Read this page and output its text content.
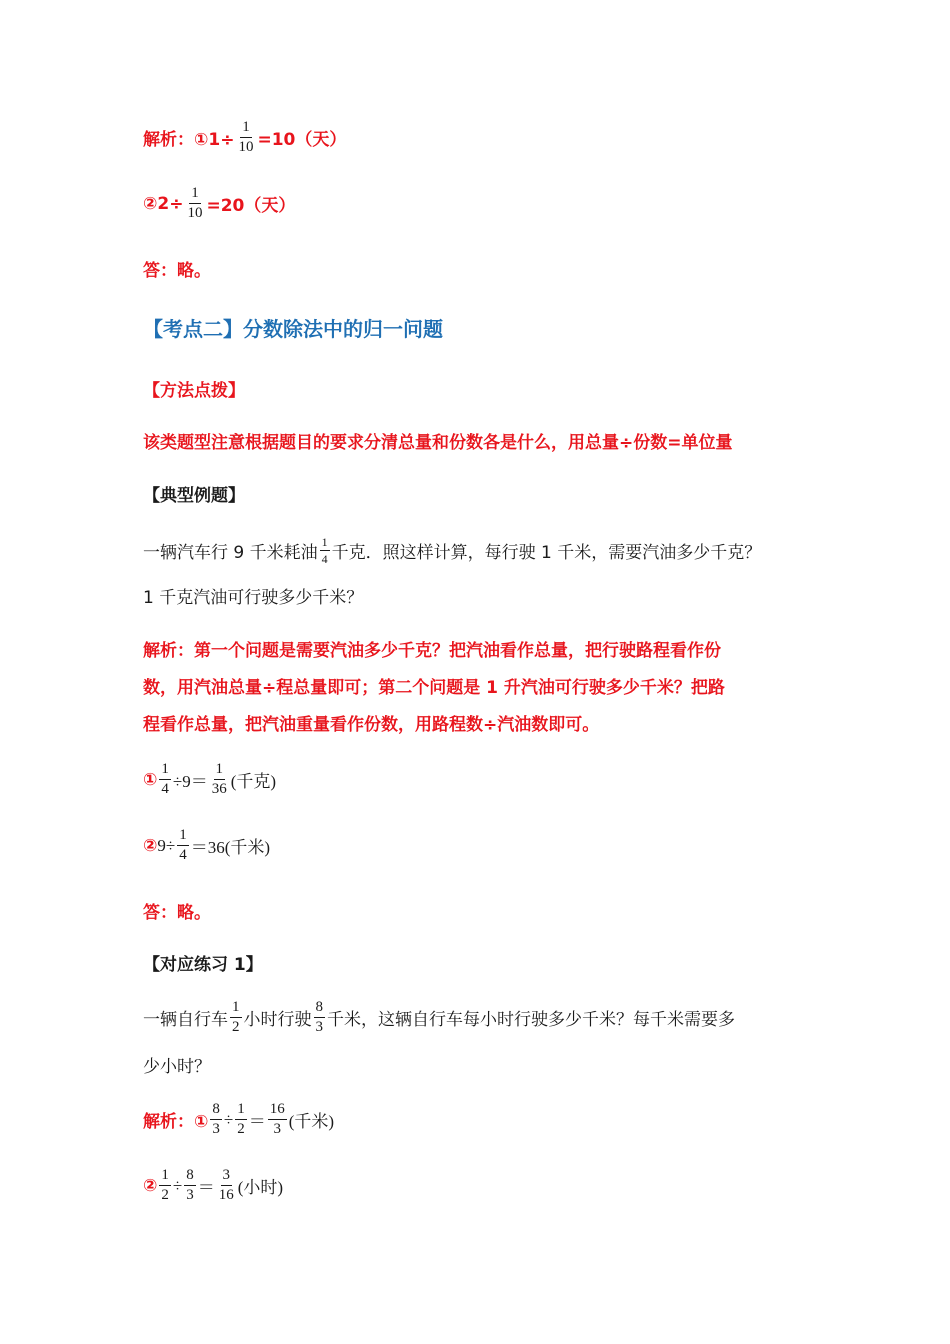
解析：①1÷ $\frac{1}{10} =10$（天）
②2÷ $\frac{1}{10} =20$（天）
答：略。
【考点二】分数除法中的归一问题
【方法点拨】
该类题型注意根据题目的要求分清总量和份数各是什么，用总量÷份数=单位量
【典型例题】
一辆汽车行 9 千米耗油 $\frac{1}{4}$ 千克．照这样计算，每行驶 1 千米，需要汽油多少千克？
1 千克汽油可行驶多少千米？
解析：第一个问题是需要汽油多少千克？把汽油看作总量，把行驶路程看作份
数，用汽油总量÷程总量即可；第二个问题是 1 升汽油可行驶多少千米？把路
程看作总量，把汽油重量看作份数，用路程数÷汽油数即可。
① $\frac{1}{4} \div 9= \frac{1}{36}$ (千克)
② $9\div \frac{1}{4} =36$(千米)
答：略。
【对应练习 1】
一辆自行车 $\frac{1}{2}$ 小时行驶 $\frac{8}{3}$ 千米，这辆自行车每小时行驶多少千米？每千米需要多
少小时？
解析：① $\frac{8}{3} \div \frac{1}{2} = \frac{16}{3}$ (千米)
② $\frac{1}{2} \div \frac{8}{3} = \frac{3}{16}$ (小时)
